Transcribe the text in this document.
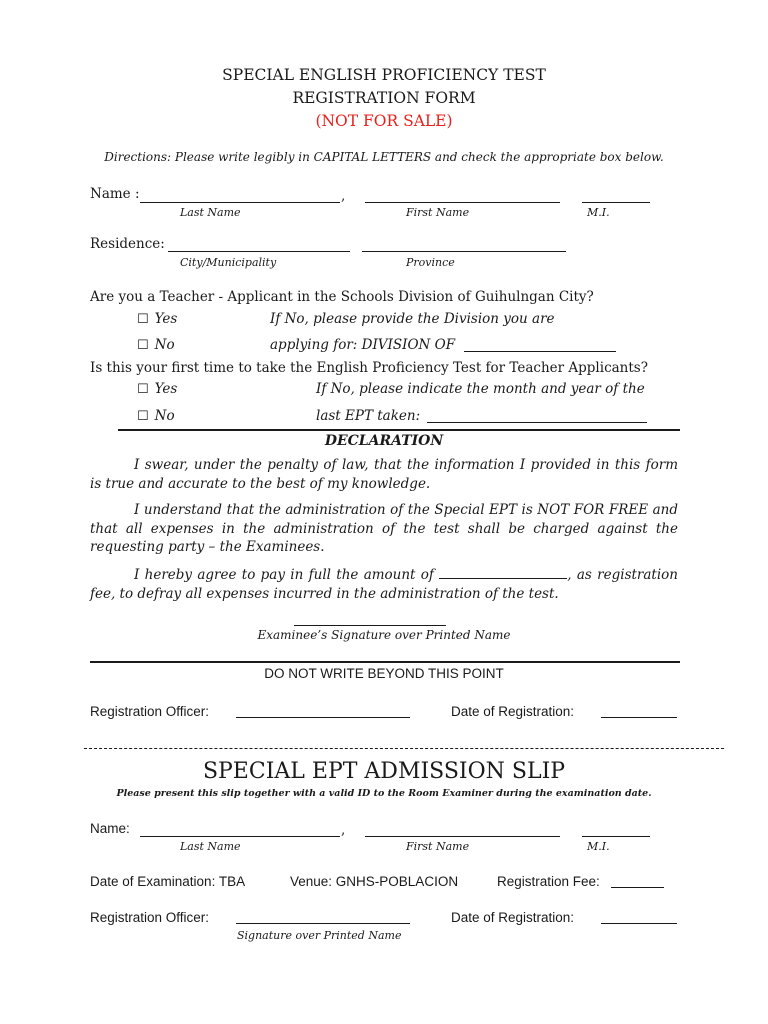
SPECIAL ENGLISH PROFICIENCY TEST
REGISTRATION FORM
(NOT FOR SALE)
Directions: Please write legibly in CAPITAL LETTERS and check the appropriate box below.
Name :	,
Last Name	First Name	M.I.
Residence:
City/Municipality	Province
Are you a Teacher - Applicant in the Schools Division of Guihulngan City?
☐ Yes
☐ No
If No, please provide the Division you are
applying for: DIVISION OF
Is this your first time to take the English Proficiency Test for Teacher Applicants?
☐ Yes
☐ No
If No, please indicate the month and year of the
last EPT taken:
DECLARATION
I swear, under the penalty of law, that the information I provided in this form is true and accurate to the best of my knowledge.
I understand that the administration of the Special EPT is NOT FOR FREE and that all expenses in the administration of the test shall be charged against the requesting party – the Examinees.
I hereby agree to pay in full the amount of	, as registration fee, to defray all expenses incurred in the administration of the test.
Examinee’s Signature over Printed Name
DO NOT WRITE BEYOND THIS POINT
Registration Officer:	Date of Registration:
SPECIAL EPT ADMISSION SLIP
Please present this slip together with a valid ID to the Room Examiner during the examination date.
Name:	,
Last Name	First Name	M.I.
Date of Examination: TBA	Venue: GNHS-POBLACION	Registration Fee:
Registration Officer:	Date of Registration:
Signature over Printed Name
